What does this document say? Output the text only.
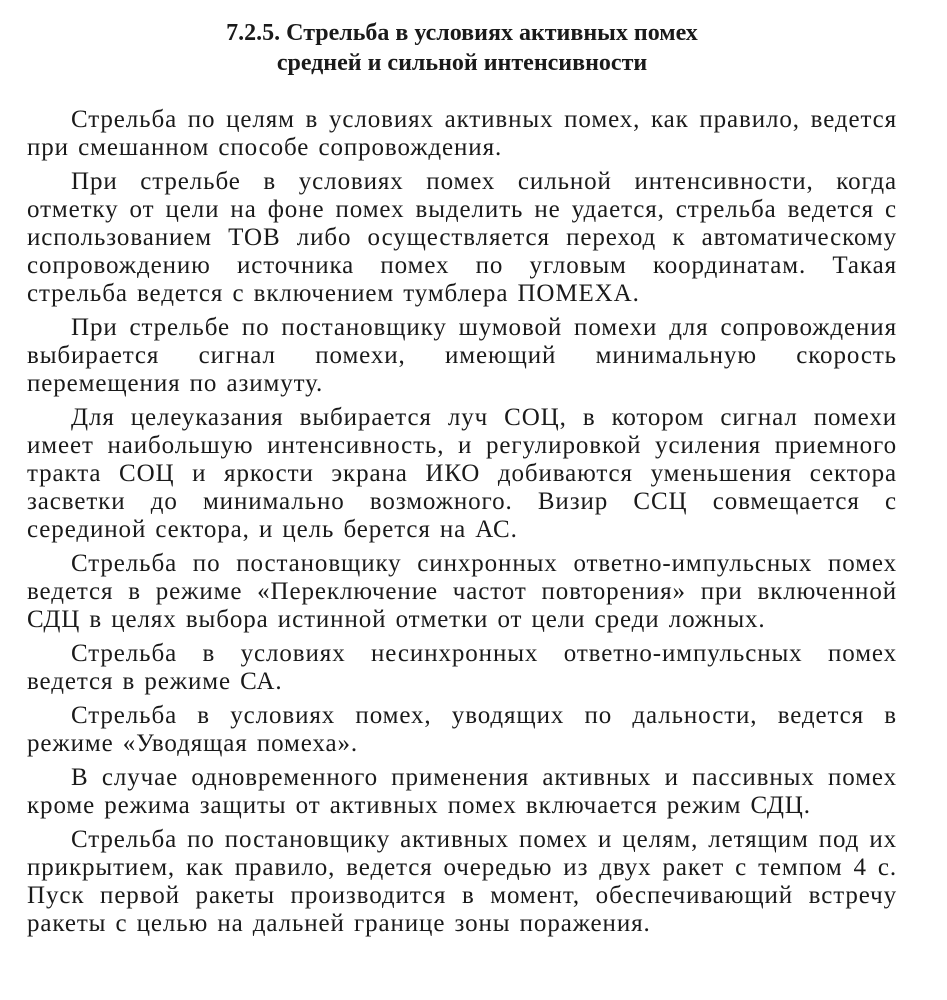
7.2.5. Стрельба в условиях активных помех
средней и сильной интенсивности

Стрельба по целям в условиях активных помех, как правило, ведется при смешанном способе сопровождения.

При стрельбе в условиях помех сильной интенсивности, когда отметку от цели на фоне помех выделить не удается, стрельба ведется с использованием ТОВ либо осуществляется переход к автоматическому сопровождению источника помех по угловым координатам. Такая стрельба ведется с включением тумблера ПОМЕХА.

При стрельбе по постановщику шумовой помехи для сопровождения выбирается сигнал помехи, имеющий минимальную скорость перемещения по азимуту.

Для целеуказания выбирается луч СОЦ, в котором сигнал помехи имеет наибольшую интенсивность, и регулировкой усиления приемного тракта СОЦ и яркости экрана ИКО добиваются уменьшения сектора засветки до минимально возможного. Визир ССЦ совмещается с серединой сектора, и цель берется на АС.

Стрельба по постановщику синхронных ответно-импульсных помех ведется в режиме «Переключение частот повторения» при включенной СДЦ в целях выбора истинной отметки от цели среди ложных.

Стрельба в условиях несинхронных ответно-импульсных помех ведется в режиме СА.

Стрельба в условиях помех, уводящих по дальности, ведется в режиме «Уводящая помеха».

В случае одновременного применения активных и пассивных помех кроме режима защиты от активных помех включается режим СДЦ.

Стрельба по постановщику активных помех и целям, летящим под их прикрытием, как правило, ведется очередью из двух ракет с темпом 4 с. Пуск первой ракеты производится в момент, обеспечивающий встречу ракеты с целью на дальней границе зоны поражения.
